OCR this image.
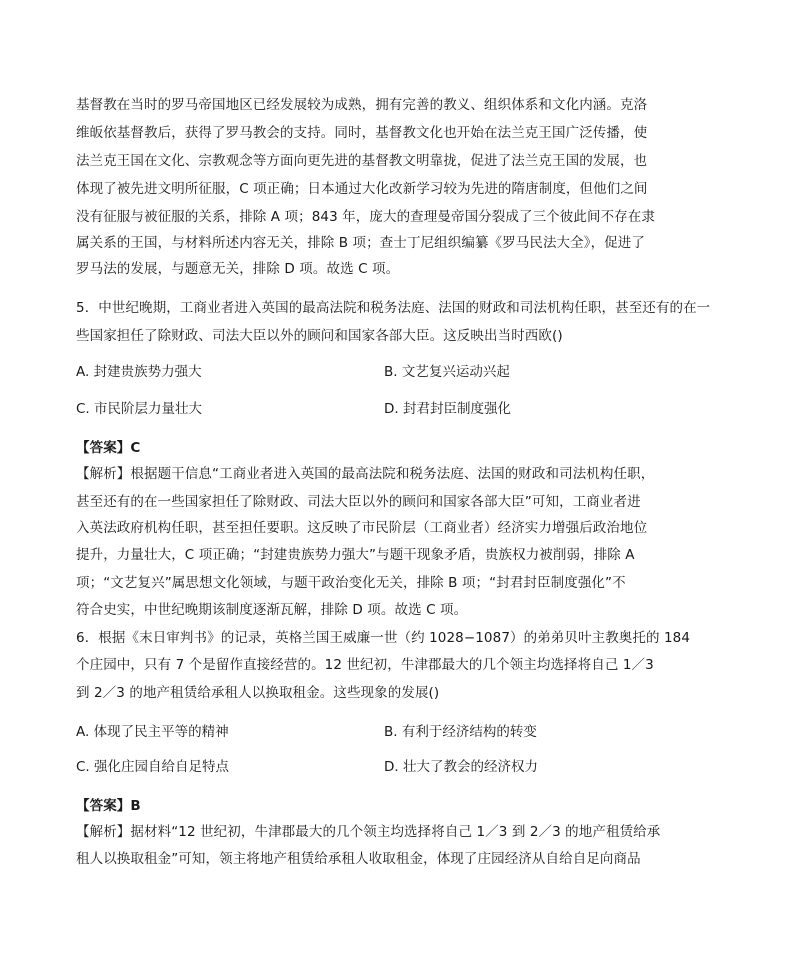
基督教在当时的罗马帝国地区已经发展较为成熟，拥有完善的教义、组织体系和文化内涵。克洛
维皈依基督教后，获得了罗马教会的支持。同时，基督教文化也开始在法兰克王国广泛传播，使
法兰克王国在文化、宗教观念等方面向更先进的基督教文明靠拢，促进了法兰克王国的发展，也
体现了被先进文明所征服，C 项正确；日本通过大化改新学习较为先进的隋唐制度，但他们之间
没有征服与被征服的关系，排除 A 项；843 年，庞大的查理曼帝国分裂成了三个彼此间不存在隶
属关系的王国，与材料所述内容无关，排除 B 项；查士丁尼组织编纂《罗马民法大全》，促进了
罗马法的发展，与题意无关，排除 D 项。故选 C 项。
5．中世纪晚期，工商业者进入英国的最高法院和税务法庭、法国的财政和司法机构任职，甚至还有的在一
些国家担任了除财政、司法大臣以外的顾问和国家各部大臣。这反映出当时西欧()
A. 封建贵族势力强大	B. 文艺复兴运动兴起
C. 市民阶层力量壮大	D. 封君封臣制度强化
【答案】C
【解析】根据题干信息“工商业者进入英国的最高法院和税务法庭、法国的财政和司法机构任职，
甚至还有的在一些国家担任了除财政、司法大臣以外的顾问和国家各部大臣”可知，工商业者进
入英法政府机构任职，甚至担任要职。这反映了市民阶层（工商业者）经济实力增强后政治地位
提升，力量壮大，C 项正确；“封建贵族势力强大”与题干现象矛盾，贵族权力被削弱，排除 A
项；“文艺复兴”属思想文化领域，与题干政治变化无关，排除 B 项；“封君封臣制度强化”不
符合史实，中世纪晚期该制度逐渐瓦解，排除 D 项。故选 C 项。
6．根据《末日审判书》的记录，英格兰国王威廉一世（约 1028−1087）的弟弟贝叶主教奥托的 184
个庄园中，只有 7 个是留作直接经营的。12 世纪初，牛津郡最大的几个领主均选择将自己 1／3
到 2／3 的地产租赁给承租人以换取租金。这些现象的发展()
A. 体现了民主平等的精神	B. 有利于经济结构的转变
C. 强化庄园自给自足特点	D. 壮大了教会的经济权力
【答案】B
【解析】据材料“12 世纪初，牛津郡最大的几个领主均选择将自己 1／3 到 2／3 的地产租赁给承
租人以换取租金”可知，领主将地产租赁给承租人收取租金，体现了庄园经济从自给自足向商品
